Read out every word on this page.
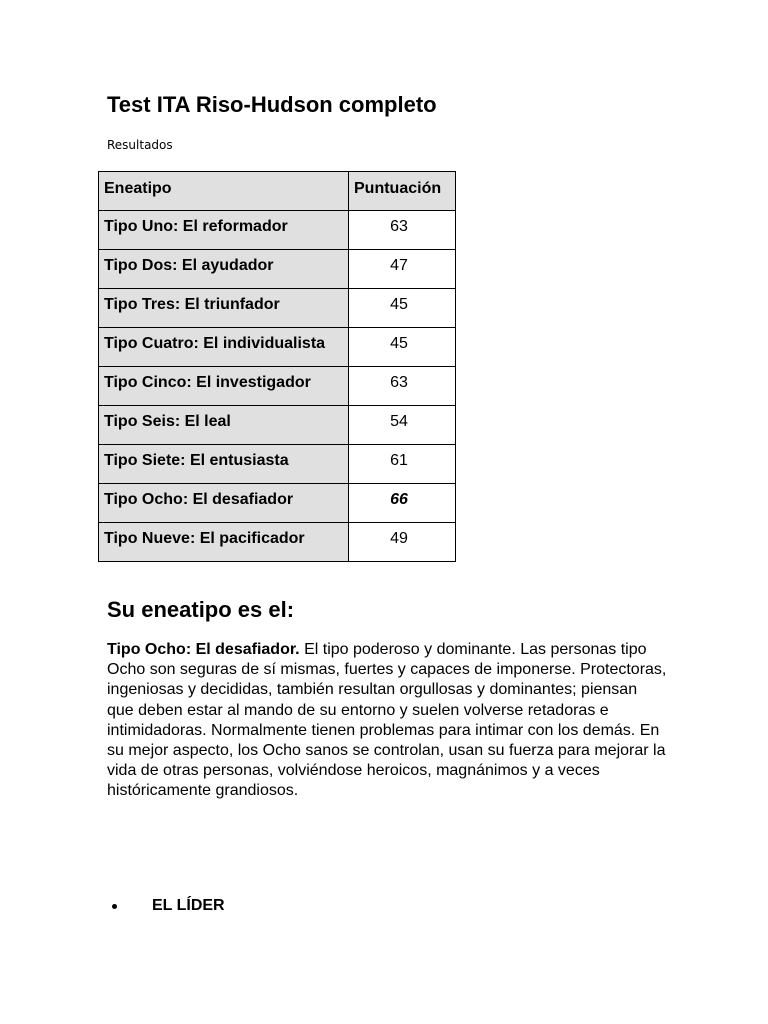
Test ITA Riso-Hudson completo

Resultados

Eneatipo	Puntuación
Tipo Uno: El reformador	63
Tipo Dos: El ayudador	47
Tipo Tres: El triunfador	45
Tipo Cuatro: El individualista	45
Tipo Cinco: El investigador	63
Tipo Seis: El leal	54
Tipo Siete: El entusiasta	61
Tipo Ocho: El desafiador	66
Tipo Nueve: El pacificador	49
Su eneatipo es el:

Tipo Ocho: El desafiador. El tipo poderoso y dominante. Las personas tipo Ocho son seguras de sí mismas, fuertes y capaces de imponerse. Protectoras, ingeniosas y decididas, también resultan orgullosas y dominantes; piensan que deben estar al mando de su entorno y suelen volverse retadoras e intimidadoras. Normalmente tienen problemas para intimar con los demás. En su mejor aspecto, los Ocho sanos se controlan, usan su fuerza para mejorar la vida de otras personas, volviéndose heroicos, magnánimos y a veces históricamente grandiosos.

EL LÍDER
